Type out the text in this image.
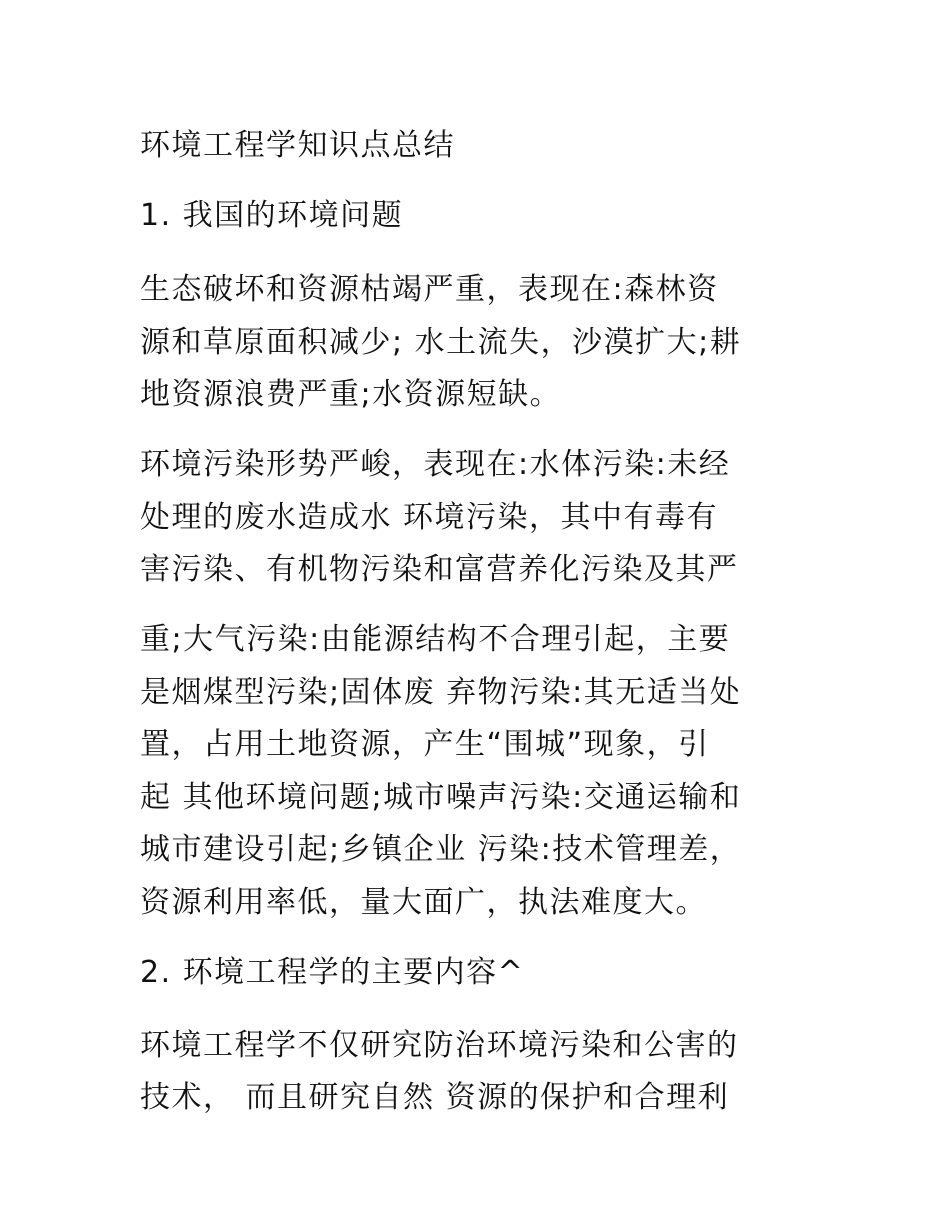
环境工程学知识点总结
1. 我国的环境问题
生态破坏和资源枯竭严重，表现在:森林资
源和草原面积减少; 水土流失，沙漠扩大;耕
地资源浪费严重;水资源短缺。
环境污染形势严峻，表现在:水体污染:未经
处理的废水造成水 环境污染，其中有毒有
害污染、有机物污染和富营养化污染及其严
重;大气污染:由能源结构不合理引起，主要
是烟煤型污染;固体废 弃物污染:其无适当处
置，占用土地资源，产生“围城”现象，引
起 其他环境问题;城市噪声污染:交通运输和
城市建设引起;乡镇企业 污染:技术管理差，
资源利用率低，量大面广，执法难度大。
2. 环境工程学的主要内容^
环境工程学不仅研究防治环境污染和公害的
技术， 而且研究自然 资源的保护和合理利
